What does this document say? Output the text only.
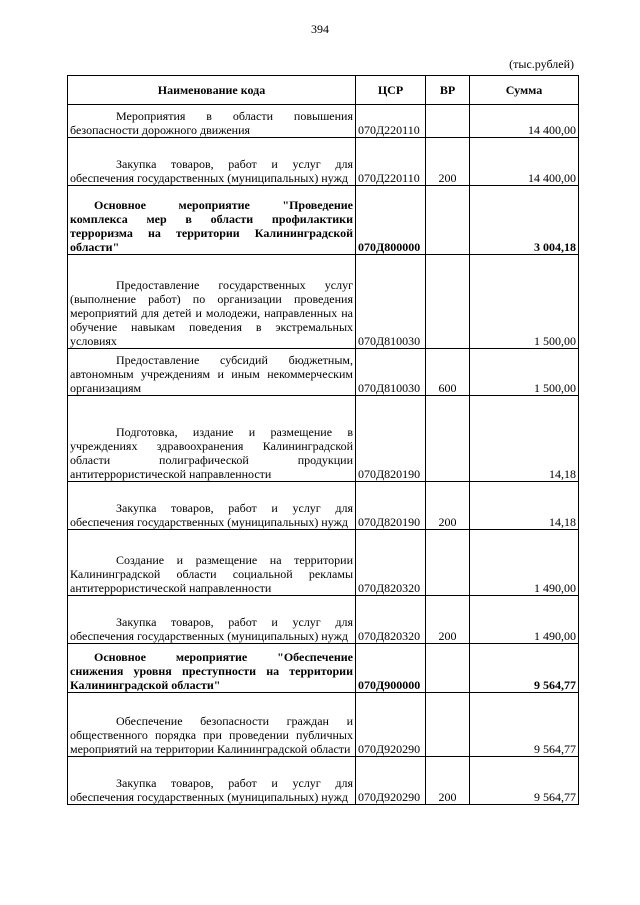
394
(тыс.рублей)
Наименование кода	ЦСР	ВР	Сумма

Мероприятия в области повышения безопасности дорожного движения	070Д220110		14 400,00

Закупка товаров, работ и услуг для обеспечения государственных (муниципальных) нужд	070Д220110	200	14 400,00

Основное мероприятие "Проведение комплекса мер в области профилактики терроризма на территории Калининградской области"	070Д800000		3 004,18

Предоставление государственных услуг (выполнение работ) по организации проведения мероприятий для детей и молодежи, направленных на обучение навыкам поведения в экстремальных условиях	070Д810030		1 500,00

Предоставление субсидий бюджетным, автономным учреждениям и иным некоммерческим организациям	070Д810030	600	1 500,00

Подготовка, издание и размещение в учреждениях здравоохранения Калининградской области полиграфической продукции антитеррористической направленности	070Д820190		14,18

Закупка товаров, работ и услуг для обеспечения государственных (муниципальных) нужд	070Д820190	200	14,18

Создание и размещение на территории Калининградской области социальной рекламы антитеррористической направленности	070Д820320		1 490,00

Закупка товаров, работ и услуг для обеспечения государственных (муниципальных) нужд	070Д820320	200	1 490,00

Основное мероприятие "Обеспечение снижения уровня преступности на территории Калининградской области"	070Д900000		9 564,77

Обеспечение безопасности граждан и общественного порядка при проведении публичных мероприятий на территории Калининградской области	070Д920290		9 564,77

Закупка товаров, работ и услуг для обеспечения государственных (муниципальных) нужд	070Д920290	200	9 564,77
